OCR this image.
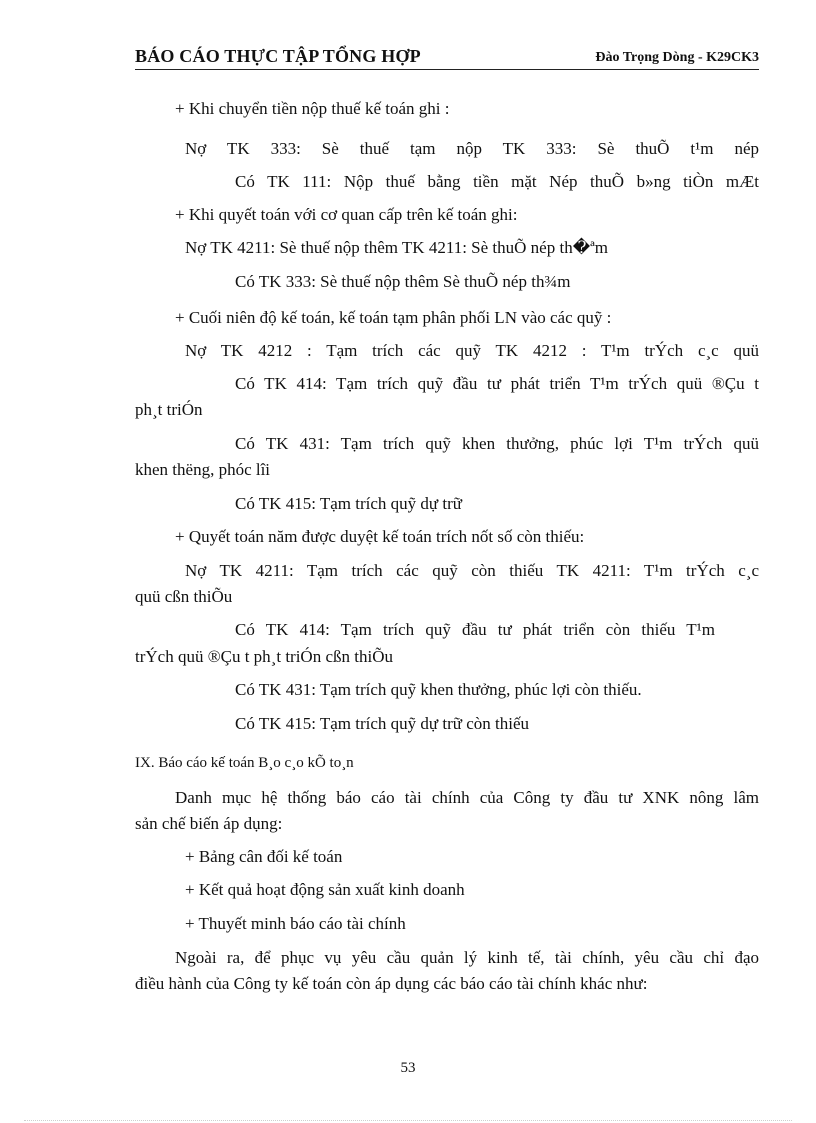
BÁO CÁO THỰC TẬP TỔNG HỢP	Đào Trọng Dòng - K29CK3
+ Khi chuyển tiền nộp thuế kế toán ghi :
Nợ TK 333: Sè thuế tạm nộp TK 333: Sè thuÕ t¹m nép
Có TK 111: Nộp thuế bằng tiền mặt Nép thuÕ b»ng tiÒn mÆt
+ Khi quyết toán với cơ quan cấp trên kế toán ghi:
Nợ TK 4211: Sè thuế nộp thêm TK 4211: Sè thuÕ nép th�ªm
Có TK 333: Sè thuế nộp thêm Sè thuÕ nép th¾m
+ Cuối niên độ kế toán, kế toán tạm phân phối LN vào các quỹ :
Nợ TK 4212 : Tạm trích các quỹ TK 4212 : T¹m trÝch c¸c quü
Có TK 414: Tạm trích quỹ đầu tư phát triển T¹m trÝch quü ®Çu t
ph¸t triÓn
Có TK 431: Tạm trích quỹ khen thưởng, phúc lợi T¹m trÝch quü
khen thëng, phóc lîi
Có TK 415: Tạm trích quỹ dự trữ
+ Quyết toán năm được duyệt kế toán trích nốt số còn thiếu:
Nợ TK 4211: Tạm trích các quỹ còn thiếu TK 4211: T¹m trÝch c¸c
quü cßn thiÕu
Có TK 414: Tạm trích quỹ đầu tư phát triển còn thiếu T¹m
trÝch quü ®Çu t ph¸t triÓn cßn thiÕu
Có TK 431: Tạm trích quỹ khen thưởng, phúc lợi còn thiếu.
Có TK 415: Tạm trích quỹ dự trữ còn thiếu
IX. Báo cáo kế toán B¸o c¸o kÕ to¸n
Danh mục hệ thống báo cáo tài chính của Công ty đầu tư XNK nông lâm
sản chế biến áp dụng:
+ Bảng cân đối kế toán
+ Kết quả hoạt động sản xuất kinh doanh
+ Thuyết minh báo cáo tài chính
Ngoài ra, để phục vụ yêu cầu quản lý kinh tế, tài chính, yêu cầu chỉ đạo
điều hành của Công ty kế toán còn áp dụng các báo cáo tài chính khác như:
53
